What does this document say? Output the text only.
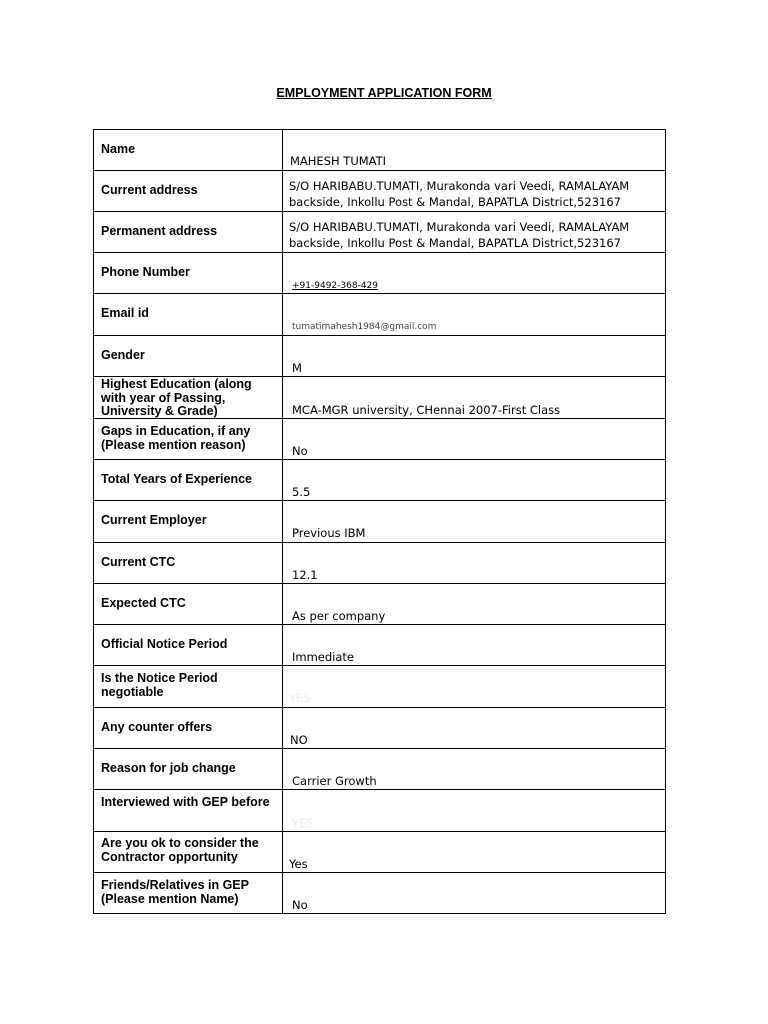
EMPLOYMENT APPLICATION FORM
Name	MAHESH TUMATI

Current address	S/O HARIBABU.TUMATI, Murakonda vari Veedi, RAMALAYAM backside, Inkollu Post & Mandal, BAPATLA District,523167

Permanent address	S/O HARIBABU.TUMATI, Murakonda vari Veedi, RAMALAYAM backside, Inkollu Post & Mandal, BAPATLA District,523167

Phone Number	+91-9492-368-429

Email id	tumatimahesh1984@gmail.com

Gender	M

Highest Education (along with year of Passing, University & Grade)	MCA-MGR university, CHennai 2007-First Class

Gaps in Education, if any (Please mention reason)	No

Total Years of Experience	5.5

Current Employer	Previous IBM

Current CTC	12.1

Expected CTC	As per company

Official Notice Period	Immediate

Is the Notice Period negotiable	YES

Any counter offers	NO

Reason for job change	Carrier Growth

Interviewed with GEP before	YES

Are you ok to consider the Contractor opportunity	Yes

Friends/Relatives in GEP (Please mention Name)	No
